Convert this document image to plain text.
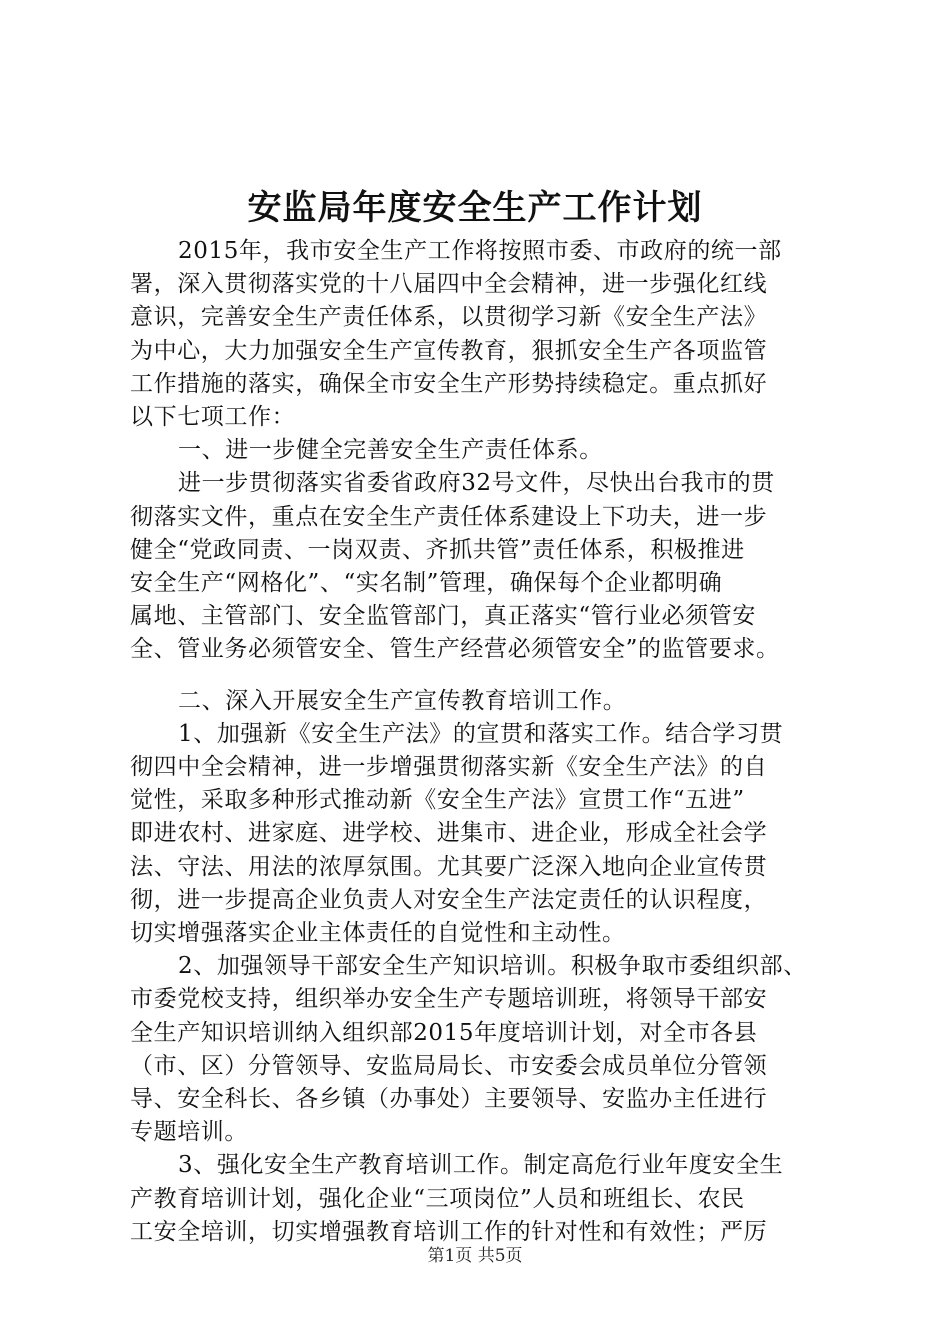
安监局年度安全生产工作计划
2015年，我市安全生产工作将按照市委、市政府的统一部
署，深入贯彻落实党的十八届四中全会精神，进一步强化红线
意识，完善安全生产责任体系，以贯彻学习新《安全生产法》
为中心，大力加强安全生产宣传教育，狠抓安全生产各项监管
工作措施的落实，确保全市安全生产形势持续稳定。重点抓好
以下七项工作：
一、进一步健全完善安全生产责任体系。
进一步贯彻落实省委省政府32号文件，尽快出台我市的贯
彻落实文件，重点在安全生产责任体系建设上下功夫，进一步
健全“党政同责、一岗双责、齐抓共管”责任体系，积极推进
安全生产“网格化”、“实名制”管理，确保每个企业都明确
属地、主管部门、安全监管部门，真正落实“管行业必须管安
全、管业务必须管安全、管生产经营必须管安全”的监管要求。
二、深入开展安全生产宣传教育培训工作。
1、加强新《安全生产法》的宣贯和落实工作。结合学习贯
彻四中全会精神，进一步增强贯彻落实新《安全生产法》的自
觉性，采取多种形式推动新《安全生产法》宣贯工作“五进”
即进农村、进家庭、进学校、进集市、进企业，形成全社会学
法、守法、用法的浓厚氛围。尤其要广泛深入地向企业宣传贯
彻，进一步提高企业负责人对安全生产法定责任的认识程度，
切实增强落实企业主体责任的自觉性和主动性。
2、加强领导干部安全生产知识培训。积极争取市委组织部、
市委党校支持，组织举办安全生产专题培训班，将领导干部安
全生产知识培训纳入组织部2015年度培训计划，对全市各县
（市、区）分管领导、安监局局长、市安委会成员单位分管领
导、安全科长、各乡镇（办事处）主要领导、安监办主任进行
专题培训。
第1页 共5页
3、强化安全生产教育培训工作。制定高危行业年度安全生
产教育培训计划，强化企业“三项岗位”人员和班组长、农民
工安全培训，切实增强教育培训工作的针对性和有效性；严厉
